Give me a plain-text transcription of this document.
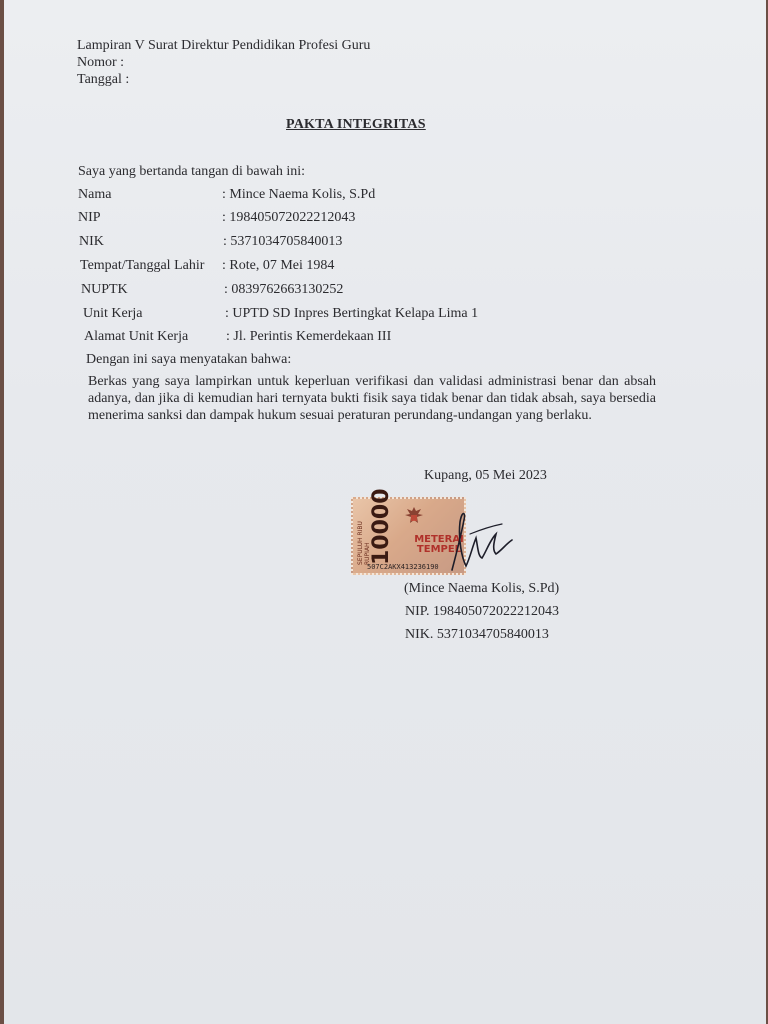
Lampiran V Surat Direktur Pendidikan Profesi Guru
Nomor :
Tanggal :
PAKTA INTEGRITAS
Saya yang bertanda tangan di bawah ini:
Nama	: Mince Naema Kolis, S.Pd
NIP	: 198405072022212043
NIK	: 5371034705840013
Tempat/Tanggal Lahir : Rote, 07 Mei 1984
NUPTK	: 0839762663130252
Unit Kerja	: UPTD SD Inpres Bertingkat Kelapa Lima 1
Alamat Unit Kerja	: Jl. Perintis Kemerdekaan III
Dengan ini saya menyatakan bahwa:
Berkas yang saya lampirkan untuk keperluan verifikasi dan validasi administrasi benar dan absah adanya, dan jika di kemudian hari ternyata bukti fisik saya tidak benar dan tidak absah, saya bersedia menerima sanksi dan dampak hukum sesuai peraturan perundang-undangan yang berlaku.
Kupang, 05 Mei 2023
SEPULUH RIBU RUPIAH
10000	METERAI
TEMPEL
507C2AKX413236190
(Mince Naema Kolis, S.Pd)
NIP. 198405072022212043
NIK. 5371034705840013
